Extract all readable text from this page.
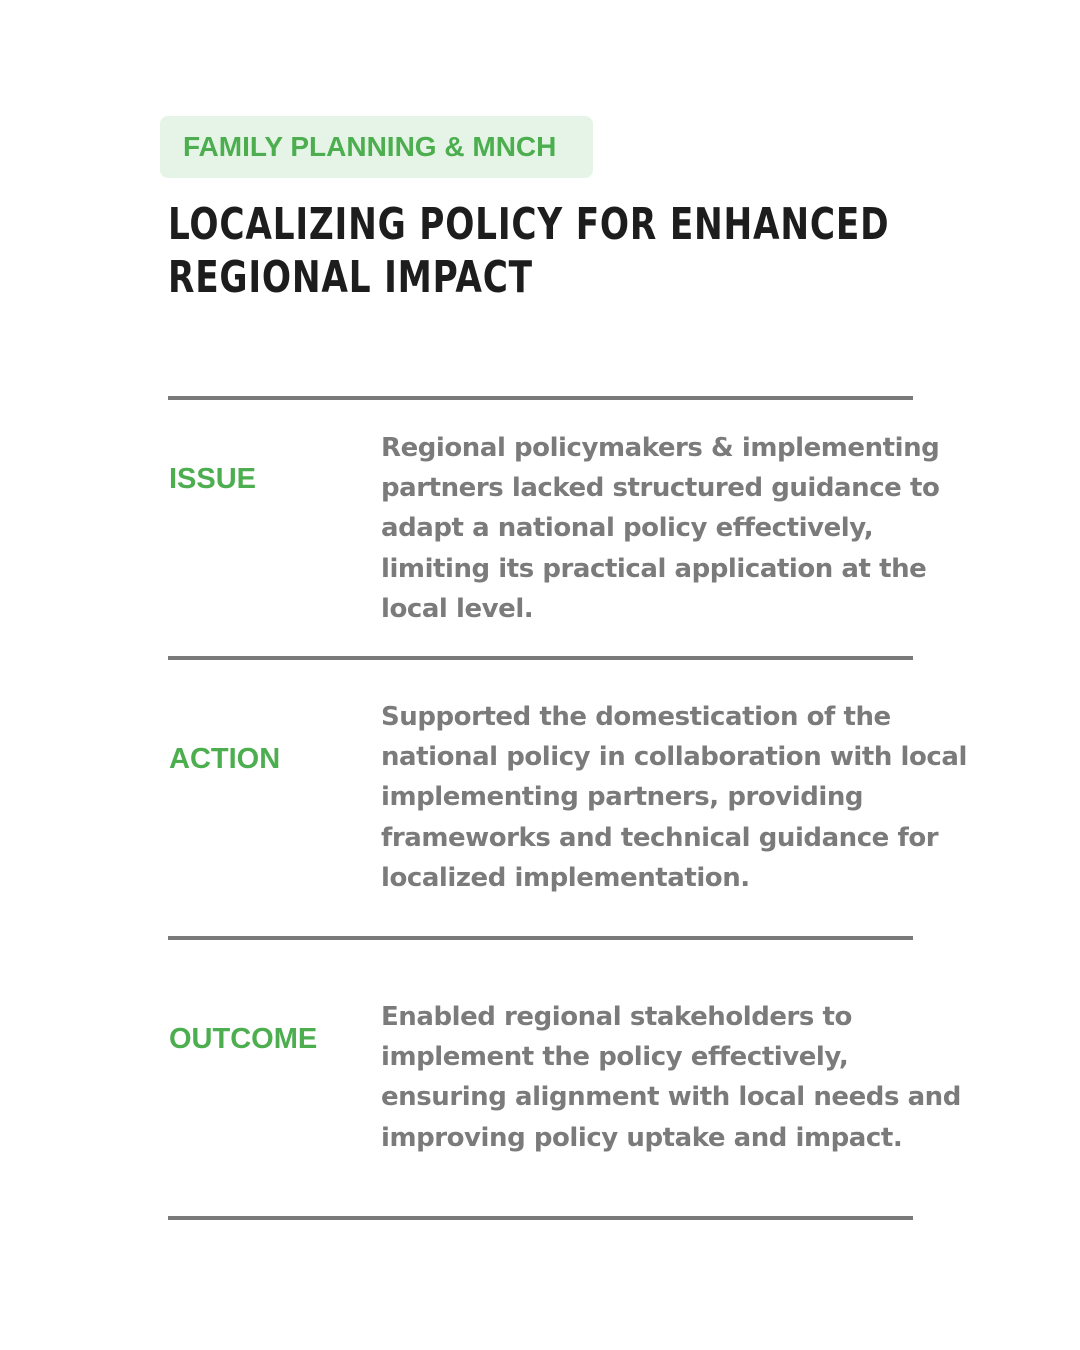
FAMILY PLANNING & MNCH
LOCALIZING POLICY FOR ENHANCED
REGIONAL IMPACT
ISSUE

Regional policymakers & implementing
partners lacked structured guidance to
adapt a national policy effectively,
limiting its practical application at the
local level.

ACTION

Supported the domestication of the
national policy in collaboration with local
implementing partners, providing
frameworks and technical guidance for
localized implementation.

OUTCOME

Enabled regional stakeholders to
implement the policy effectively,
ensuring alignment with local needs and
improving policy uptake and impact.
